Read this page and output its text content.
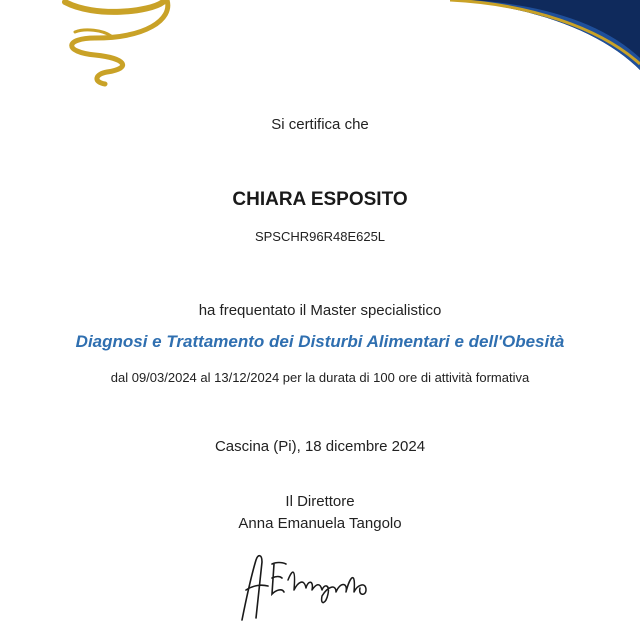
Si certifica che
CHIARA ESPOSITO
SPSCHR96R48E625L
ha frequentato il Master specialistico
Diagnosi e Trattamento dei Disturbi Alimentari e dell'Obesità
dal 09/03/2024 al 13/12/2024 per la durata di 100 ore di attività formativa
Cascina (Pi), 18 dicembre 2024
Il Direttore
Anna Emanuela Tangolo
